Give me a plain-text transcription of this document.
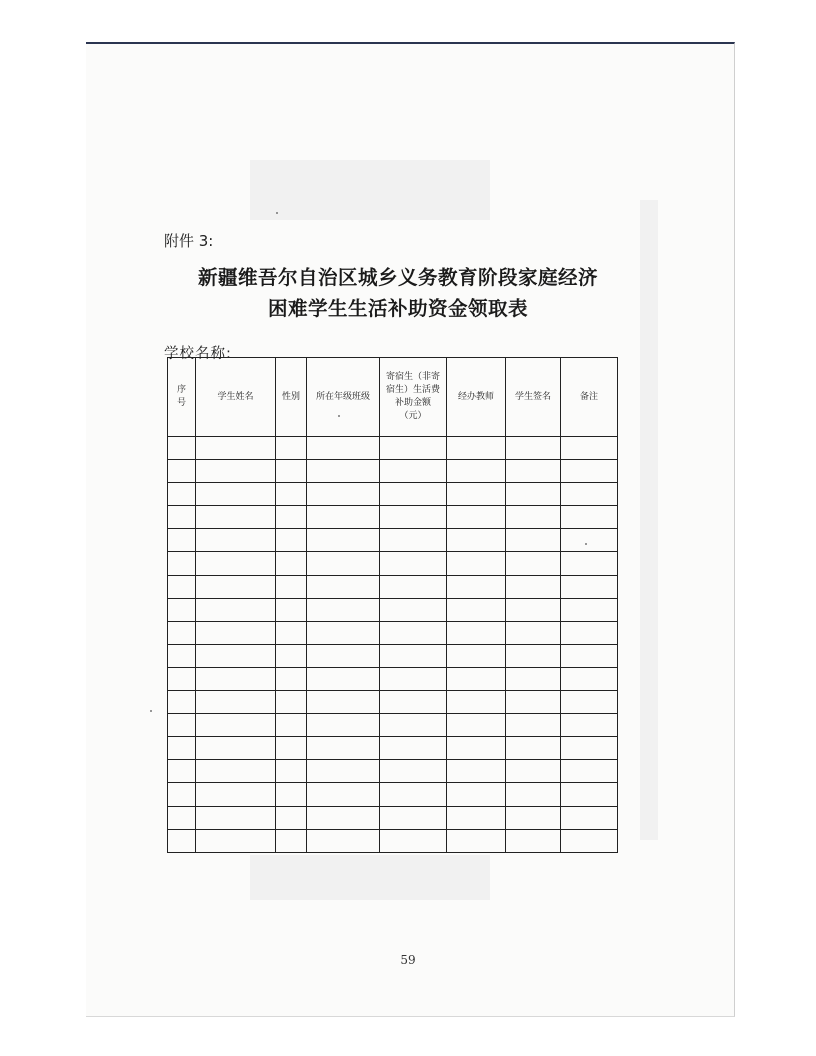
附件 3:
新疆维吾尔自治区城乡义务教育阶段家庭经济
困难学生生活补助资金领取表
学校名称:
序号	学生姓名	性别	所在年级班级	寄宿生（非寄宿生）生活费补助金额（元）	经办教师	学生签名	备注

59
